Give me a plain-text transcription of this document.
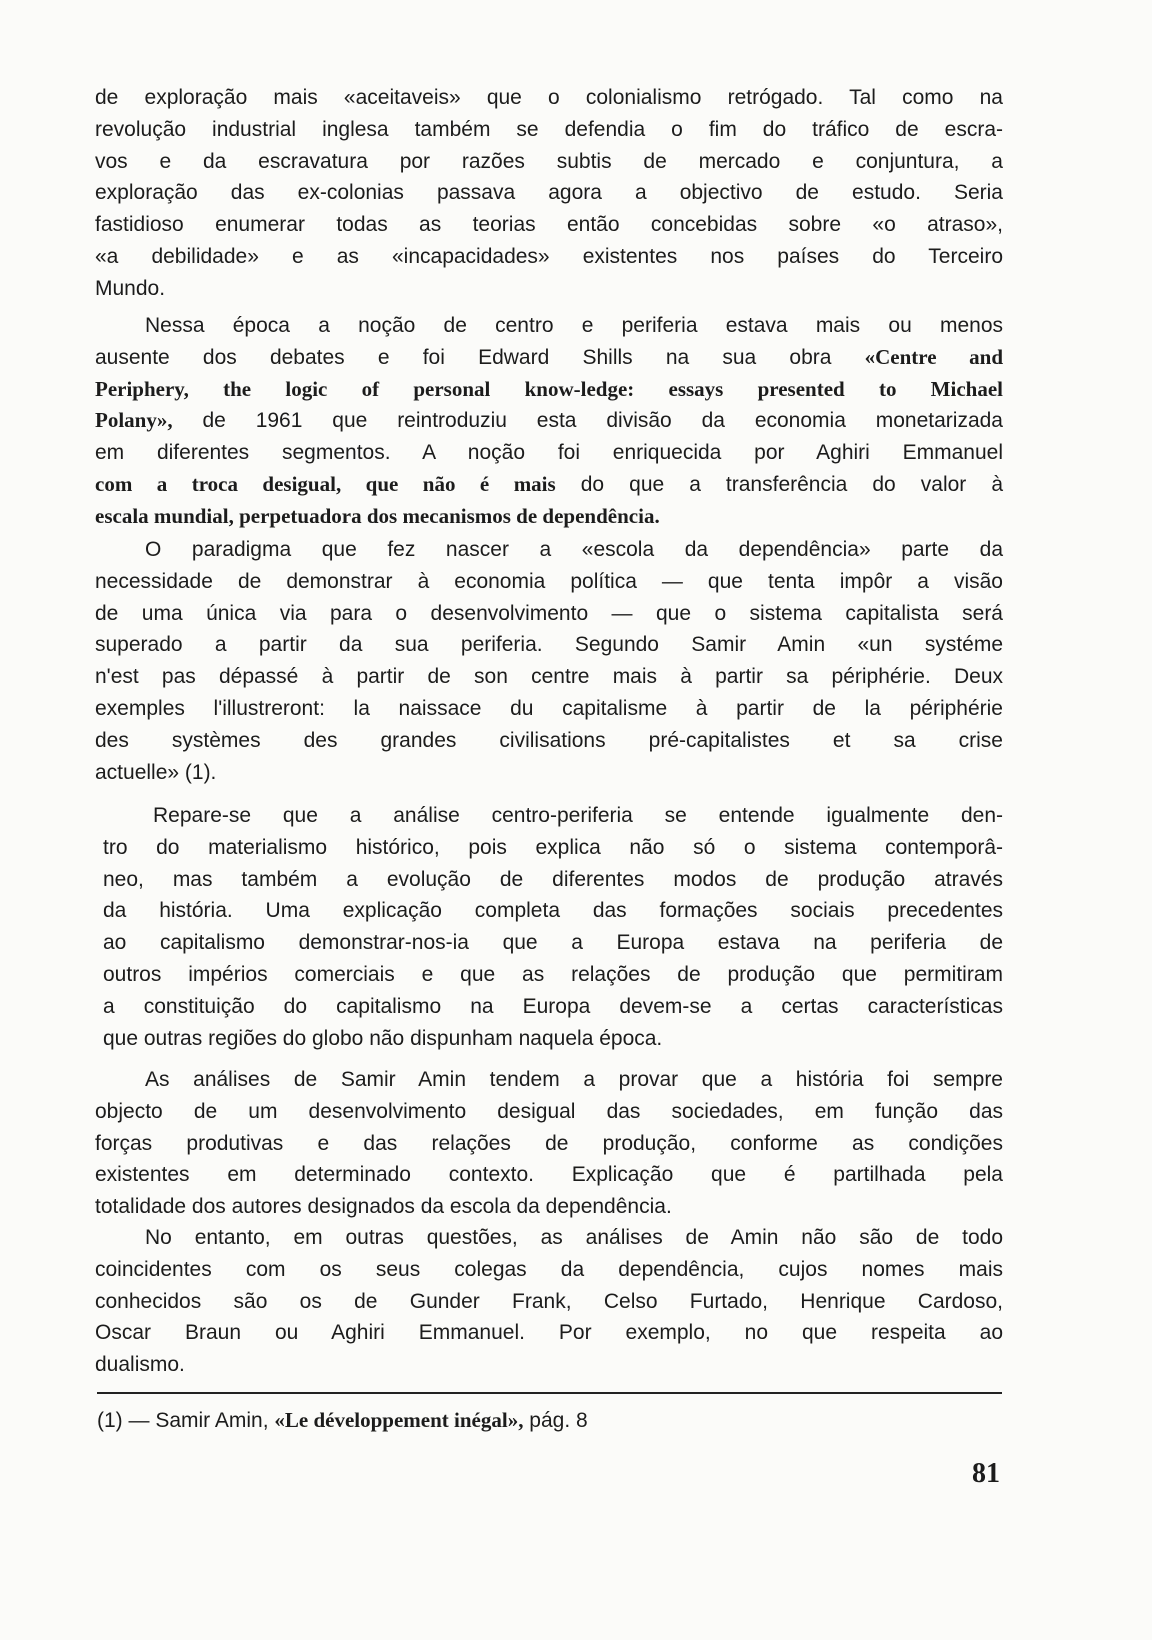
de exploração mais «aceitaveis» que o colonialismo retrógado. Tal como na
revolução industrial inglesa também se defendia o fim do tráfico de escra-
vos e da escravatura por razões subtis de mercado e conjuntura, a
exploração das ex-colonias passava agora a objectivo de estudo. Seria
fastidioso enumerar todas as teorias então concebidas sobre «o atraso»,
«a debilidade» e as «incapacidades» existentes nos países do Terceiro
Mundo.
Nessa época a noção de centro e periferia estava mais ou menos
ausente dos debates e foi Edward Shills na sua obra «Centre and
Periphery, the logic of personal know-ledge: essays presented to Michael
Polany», de 1961 que reintroduziu esta divisão da economia monetarizada
em diferentes segmentos. A noção foi enriquecida por Aghiri Emmanuel
com a troca desigual, que não é mais do que a transferência do valor à
escala mundial, perpetuadora dos mecanismos de dependência.
O paradigma que fez nascer a «escola da dependência» parte da
necessidade de demonstrar à economia política — que tenta impôr a visão
de uma única via para o desenvolvimento — que o sistema capitalista será
superado a partir da sua periferia. Segundo Samir Amin «un systéme
n'est pas dépassé à partir de son centre mais à partir sa périphérie. Deux
exemples l'illustreront: la naissace du capitalisme à partir de la périphérie
des systèmes des grandes civilisations pré-capitalistes et sa crise
actuelle» (1).
Repare-se que a análise centro-periferia se entende igualmente den-
tro do materialismo histórico, pois explica não só o sistema contemporâ-
neo, mas também a evolução de diferentes modos de produção através
da história. Uma explicação completa das formações sociais precedentes
ao capitalismo demonstrar-nos-ia que a Europa estava na periferia de
outros impérios comerciais e que as relações de produção que permitiram
a constituição do capitalismo na Europa devem-se a certas características
que outras regiões do globo não dispunham naquela época.
As análises de Samir Amin tendem a provar que a história foi sempre
objecto de um desenvolvimento desigual das sociedades, em função das
forças produtivas e das relações de produção, conforme as condições
existentes em determinado contexto. Explicação que é partilhada pela
totalidade dos autores designados da escola da dependência.
No entanto, em outras questões, as análises de Amin não são de todo
coincidentes com os seus colegas da dependência, cujos nomes mais
conhecidos são os de Gunder Frank, Celso Furtado, Henrique Cardoso,
Oscar Braun ou Aghiri Emmanuel. Por exemplo, no que respeita ao
dualismo.
(1) — Samir Amin, «Le développement inégal», pág. 8
81
